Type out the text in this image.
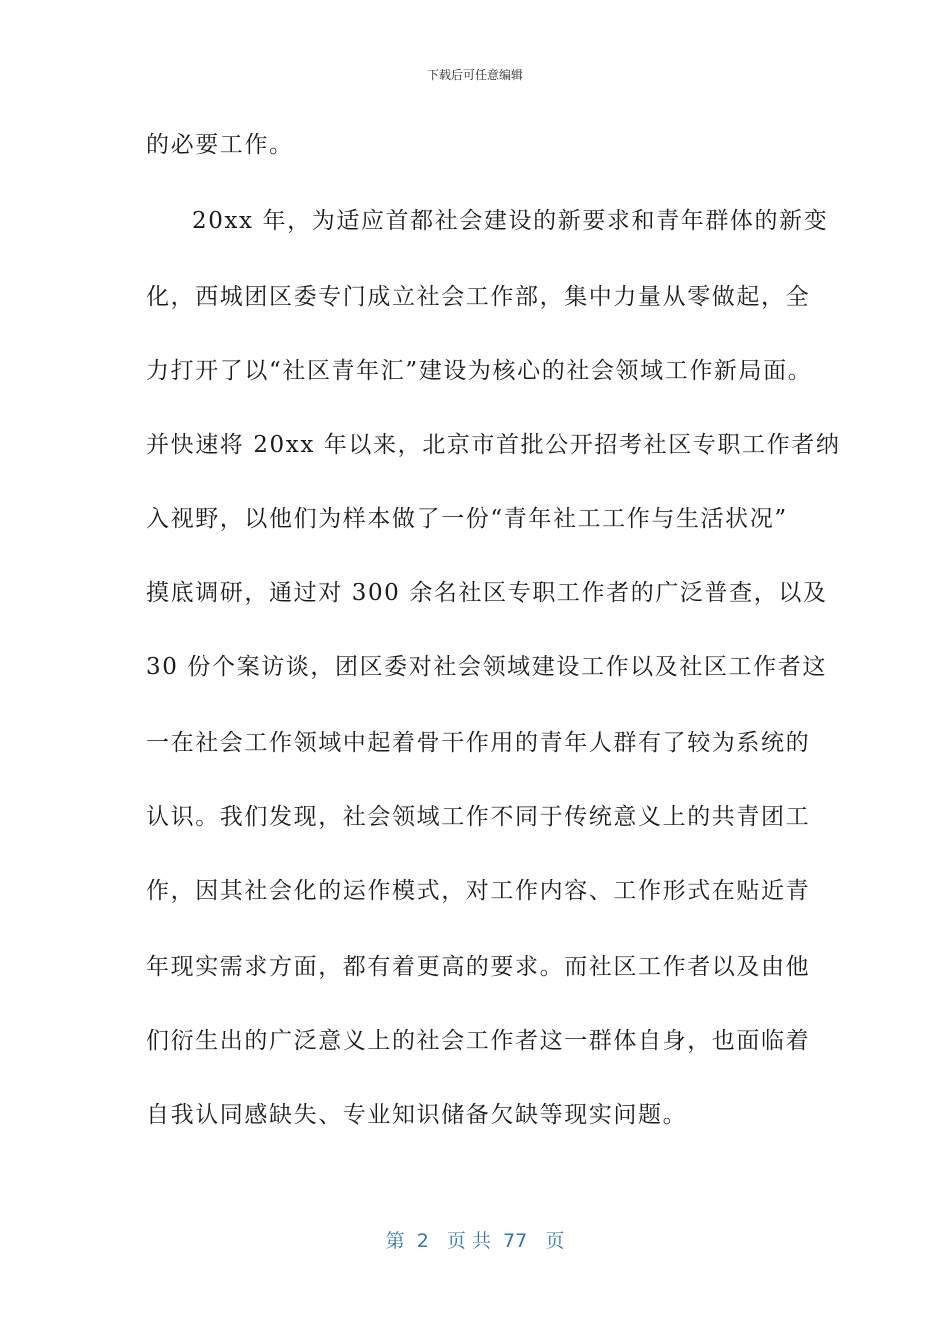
下载后可任意编辑
的必要工作。
20xx 年，为适应首都社会建设的新要求和青年群体的新变
化，西城团区委专门成立社会工作部，集中力量从零做起，全
力打开了以“社区青年汇”建设为核心的社会领域工作新局面。
并快速将 20xx 年以来，北京市首批公开招考社区专职工作者纳
入视野，以他们为样本做了一份“青年社工工作与生活状况”
摸底调研，通过对 300 余名社区专职工作者的广泛普查，以及
30 份个案访谈，团区委对社会领域建设工作以及社区工作者这
一在社会工作领域中起着骨干作用的青年人群有了较为系统的
认识。我们发现，社会领域工作不同于传统意义上的共青团工
作，因其社会化的运作模式，对工作内容、工作形式在贴近青
年现实需求方面，都有着更高的要求。而社区工作者以及由他
们衍生出的广泛意义上的社会工作者这一群体自身，也面临着
自我认同感缺失、专业知识储备欠缺等现实问题。
第  2   页 共  77   页
